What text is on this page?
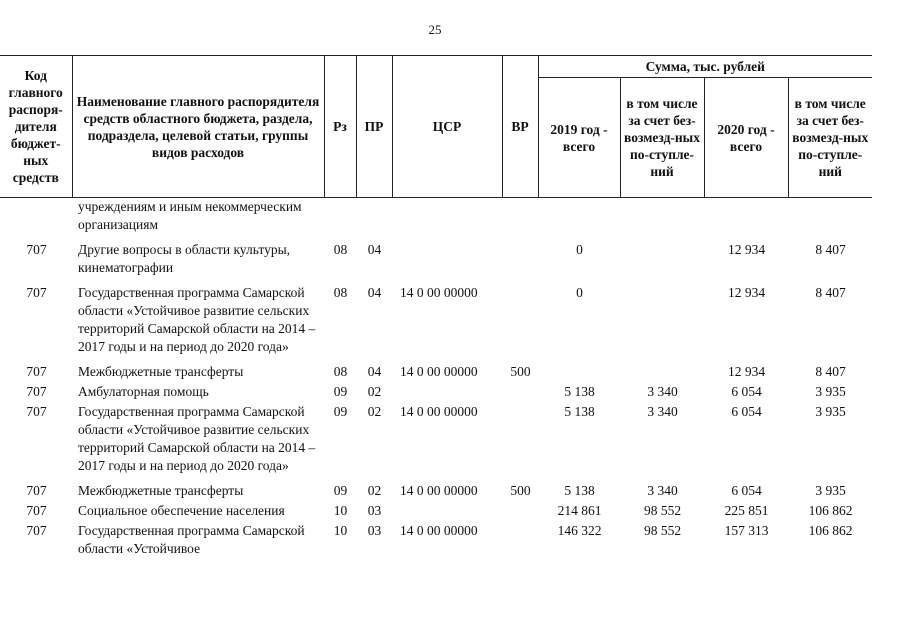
25
Код главного распоря-дителя бюджет-ных средств	Наименование главного распорядителя средств областного бюджета, раздела, подраздела, целевой статьи, группы видов расходов	Рз	ПР	ЦСР	ВР	Сумма, тыс. рублей			
						2019 год - всего	в том числе за счет без-возмезд-ных по-ступле-ний	2020 год - всего	в том числе за счет без-возмезд-ных по-ступле-ний
	учреждениям и иным некоммерческим организациям								
707	Другие вопросы в области культуры, кинематографии	08	04			0		12 934	8 407
707	Государственная программа Самарской области «Устойчивое развитие сельских территорий Самарской области на 2014 – 2017 годы и на период до 2020 года»	08	04	14 0 00 00000		0		12 934	8 407
707	Межбюджетные трансферты	08	04	14 0 00 00000	500			12 934	8 407
707	Амбулаторная помощь	09	02			5 138	3 340	6 054	3 935
707	Государственная программа Самарской области «Устойчивое развитие сельских территорий Самарской области на 2014 – 2017 годы и на период до 2020 года»	09	02	14 0 00 00000		5 138	3 340	6 054	3 935
707	Межбюджетные трансферты	09	02	14 0 00 00000	500	5 138	3 340	6 054	3 935
707	Социальное обеспечение населения	10	03			214 861	98 552	225 851	106 862
707	Государственная программа Самарской области «Устойчивое	10	03	14 0 00 00000		146 322	98 552	157 313	106 862
